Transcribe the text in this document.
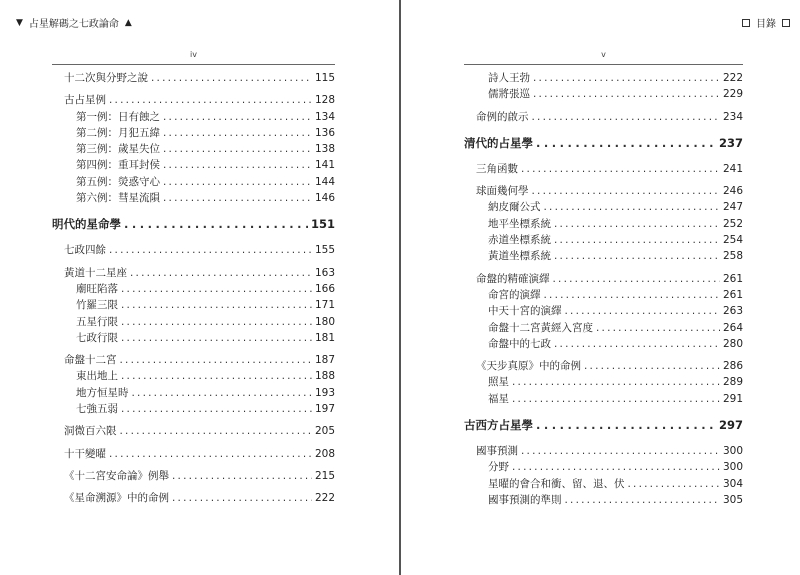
▼ 占星解碼之七政論命 ▲	目錄
iv
十二次與分野之說 .....	115
古占星例 .....	128
第一例：日有蝕之 .....	134
第二例：月犯五緯 .....	136
第三例：歲星失位 .....	138
第四例：重耳封侯 .....	141
第五例：熒惑守心 .....	144
第六例：彗星流隕 .....	146
明代的星命學 .....	151
七政四餘 .....	155
黃道十二星座 .....	163
廟旺陷落 .....	166
竹羅三限 .....	171
五星行限 .....	180
七政行限 .....	181
命盤十二宮 .....	187
東出地上 .....	188
地方恒星時 .....	193
七強五弱 .....	197
洞微百六限 .....	205
十干變曜 .....	208
《十二宮安命論》例舉 .....	215
《星命溯源》中的命例 .....	222
v
詩人王勃 .....	222
儒將張巡 .....	229
命例的啟示 .....	234
清代的占星學 .....	237
三角函數 .....	241
球面幾何學 .....	246
納皮爾公式 .....	247
地平坐標系統 .....	252
赤道坐標系統 .....	254
黃道坐標系統 .....	258
命盤的精確演繹 .....	261
命宮的演繹 .....	261
中天十宮的演繹 .....	263
命盤十二宮黃經入宮度 .....	264
命盤中的七政 .....	280
《天步真原》中的命例 .....	286
照星 .....	289
福星 .....	291
古西方占星學 .....	297
國事預測 .....	300
分野 .....	300
星曜的會合和衝、留、退、伏 .....	304
國事預測的準則 .....	305
